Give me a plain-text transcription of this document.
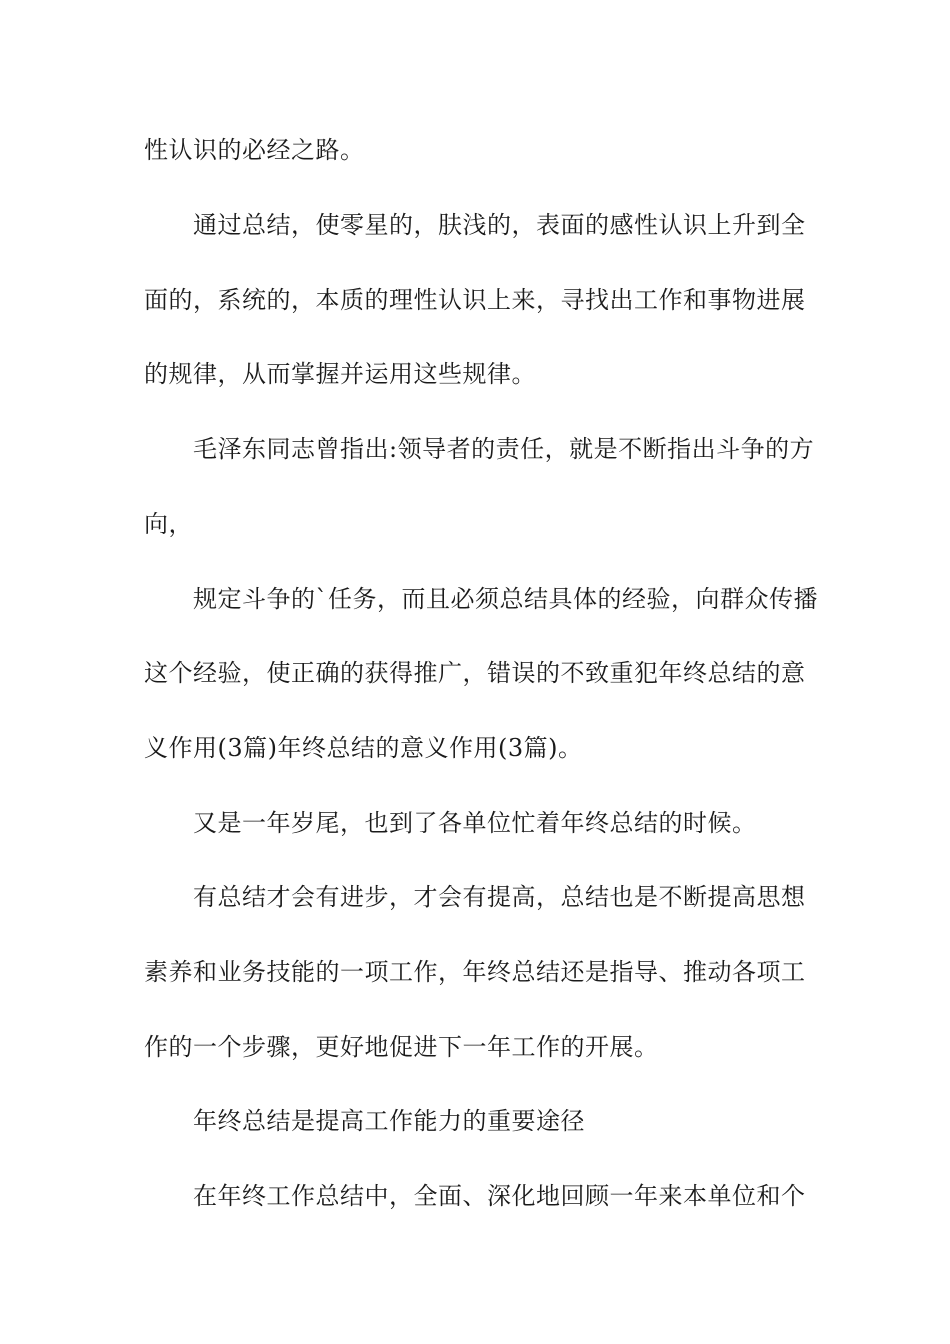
性认识的必经之路。
通过总结，使零星的，肤浅的，表面的感性认识上升到全
面的，系统的，本质的理性认识上来，寻找出工作和事物进展
的规律，从而掌握并运用这些规律。
毛泽东同志曾指出:领导者的责任，就是不断指出斗争的方
向，
规定斗争的`任务，而且必须总结具体的经验，向群众传播
这个经验，使正确的获得推广，错误的不致重犯年终总结的意
义作用(3篇)年终总结的意义作用(3篇)。
又是一年岁尾，也到了各单位忙着年终总结的时候。
有总结才会有进步，才会有提高，总结也是不断提高思想
素养和业务技能的一项工作，年终总结还是指导、推动各项工
作的一个步骤，更好地促进下一年工作的开展。
年终总结是提高工作能力的重要途径
在年终工作总结中，全面、深化地回顾一年来本单位和个
